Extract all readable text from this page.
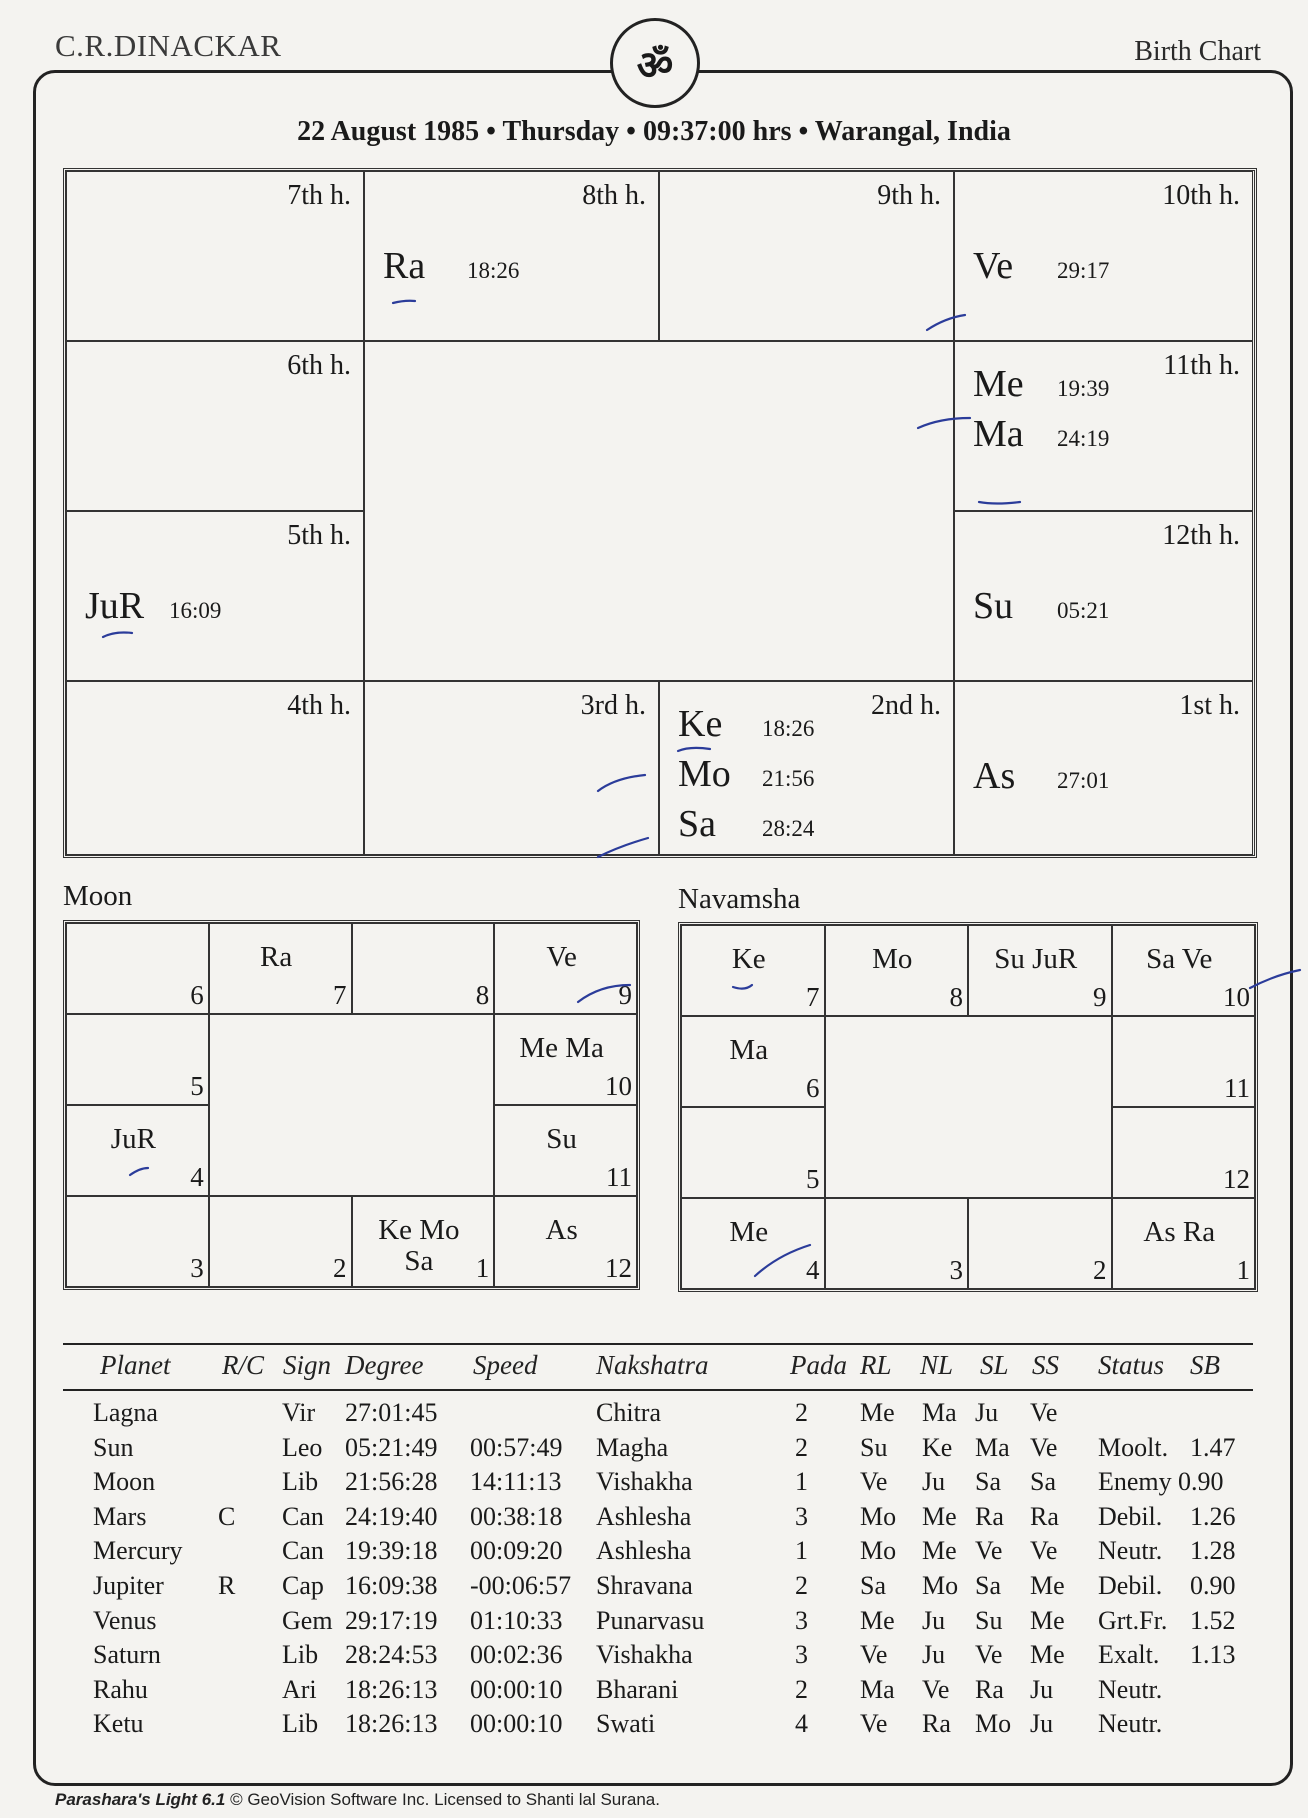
C.R.DINACKAR	Birth Chart
ॐ
22 August 1985 • Thursday • 09:37:00 hrs • Warangal, India
7th h.	8th h.
Ra	18:26
9th h.	10th h.
Ve	29:17
6th h.	11th h.
Me	19:39
Ma	24:19
5th h.
JuR	16:09
12th h.
Su	05:21
4th h.	3rd h.	2nd h.
Ke	18:26
Mo	21:56
Sa	28:24
1st h.
As	27:01
Moon	Navamsha
6
Ra
7	8
Ve
9
5
Me Ma
10
JuR
4
Su
11
3	2
Ke Mo
Sa	1
As
12
Ke
7
Mo
8
Su JuR
9
Sa Ve
10
Ma
6	11
5	12
Me
4	3	2
As Ra
1
Planet R/C Sign Degree Speed Nakshatra	Pada RL NL SL SS Status SB
Lagna	Vir 27:01:45	Chitra	2 Me Ma Ju Ve
Sun	Leo 05:21:49 00:57:49 Magha	2 Su Ke Ma Ve Moolt. 1.47
Moon	Lib 21:56:28 14:11:13 Vishakha	1 Ve Ju Sa Sa Enemy 0.90
Mars	C Can 24:19:40 00:38:18 Ashlesha	3 Mo Me Ra Ra Debil. 1.26
Mercury	Can 19:39:18 00:09:20 Ashlesha	1 Mo Me Ve Ve Neutr. 1.28
Jupiter R Cap 16:09:38 -00:06:57 Shravana	2 Sa Mo Sa Me Debil. 0.90
Venus	Gem 29:17:19 01:10:33 Punarvasu	3 Me Ju Su Me Grt.Fr. 1.52
Saturn	Lib 28:24:53 00:02:36 Vishakha	3 Ve Ju Ve Me Exalt. 1.13
Rahu	Ari 18:26:13 00:00:10 Bharani	2 Ma Ve Ra Ju Neutr.
Ketu	Lib 18:26:13 00:00:10 Swati	4 Ve Ra Mo Ju Neutr.
Parashara's Light 6.1 © GeoVision Software Inc. Licensed to Shanti lal Surana.
